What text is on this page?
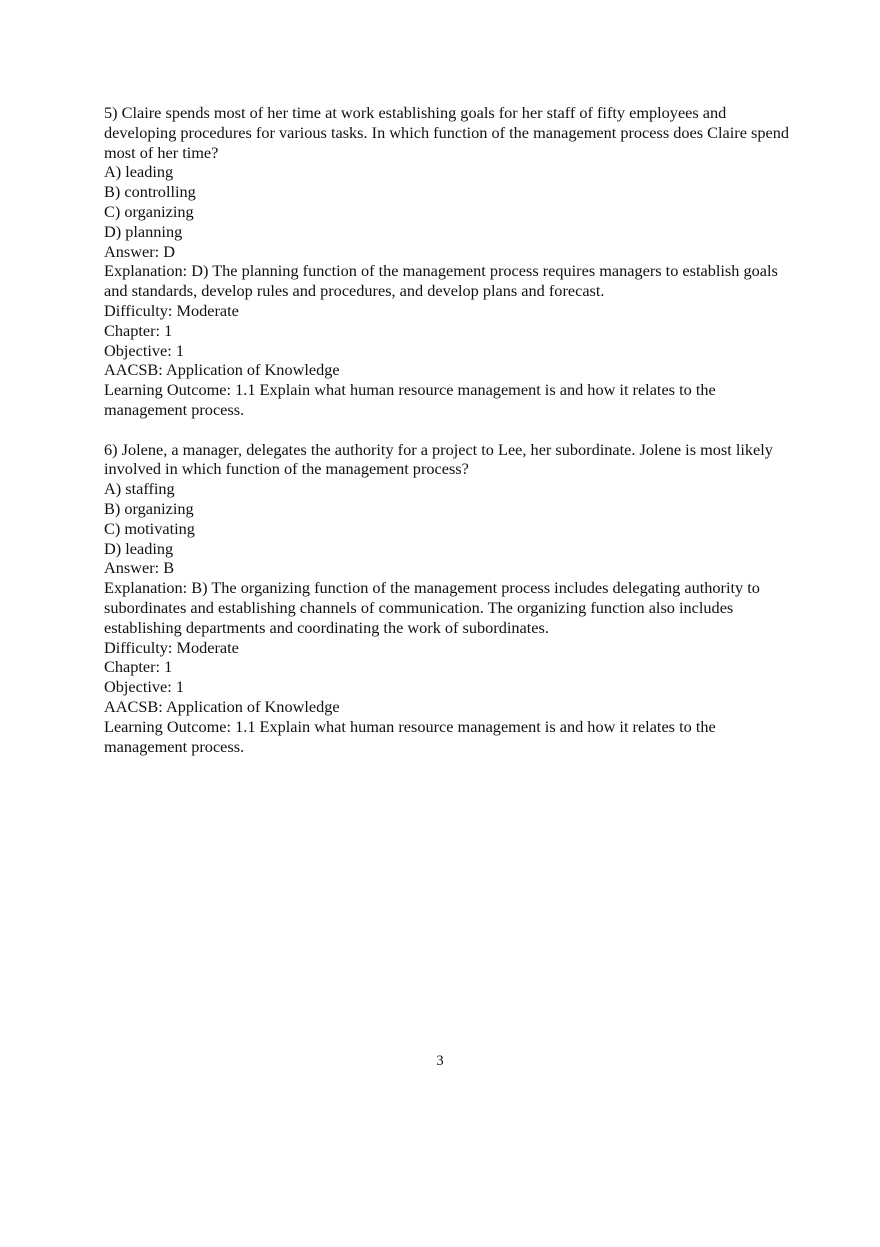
5) Claire spends most of her time at work establishing goals for her staff of fifty employees and developing procedures for various tasks. In which function of the management process does Claire spend most of her time?
A) leading
B) controlling
C) organizing
D) planning
Answer: D
Explanation: D) The planning function of the management process requires managers to establish goals and standards, develop rules and procedures, and develop plans and forecast.
Difficulty: Moderate
Chapter: 1
Objective: 1
AACSB: Application of Knowledge
Learning Outcome: 1.1 Explain what human resource management is and how it relates to the management process.
6) Jolene, a manager, delegates the authority for a project to Lee, her subordinate. Jolene is most likely involved in which function of the management process?
A) staffing
B) organizing
C) motivating
D) leading
Answer: B
Explanation: B) The organizing function of the management process includes delegating authority to subordinates and establishing channels of communication. The organizing function also includes establishing departments and coordinating the work of subordinates.
Difficulty: Moderate
Chapter: 1
Objective: 1
AACSB: Application of Knowledge
Learning Outcome: 1.1 Explain what human resource management is and how it relates to the management process.
3
